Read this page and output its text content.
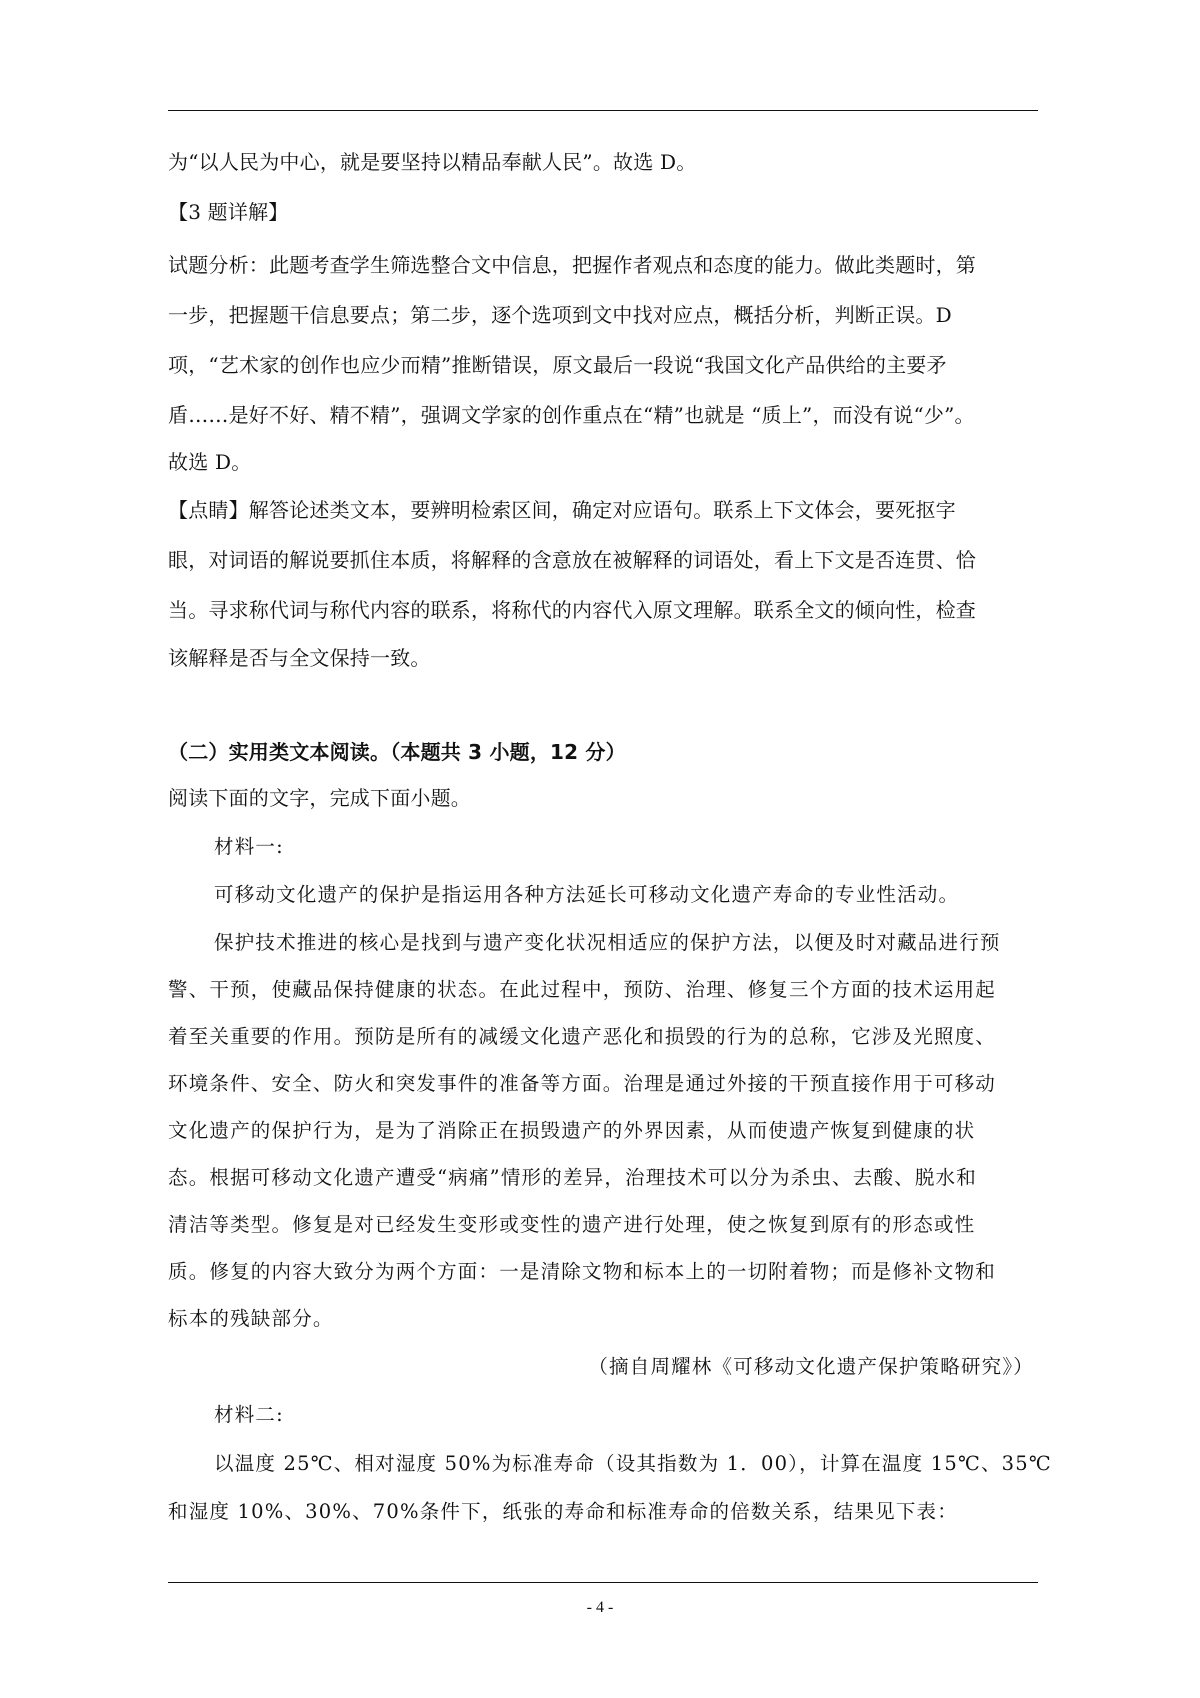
为“以人民为中心，就是要坚持以精品奉献人民”。故选 D。
【3 题详解】
试题分析：此题考查学生筛选整合文中信息，把握作者观点和态度的能力。做此类题时，第
一步，把握题干信息要点；第二步，逐个选项到文中找对应点，概括分析，判断正误。D
项，“艺术家的创作也应少而精”推断错误，原文最后一段说“我国文化产品供给的主要矛
盾……是好不好、精不精”，强调文学家的创作重点在“精”也就是 “质上”，而没有说“少”。
故选 D。
【点睛】解答论述类文本，要辨明检索区间，确定对应语句。联系上下文体会，要死抠字
眼，对词语的解说要抓住本质，将解释的含意放在被解释的词语处，看上下文是否连贯、恰
当。寻求称代词与称代内容的联系，将称代的内容代入原文理解。联系全文的倾向性，检查
该解释是否与全文保持一致。
（二）实用类文本阅读。（本题共 3 小题，12 分）
阅读下面的文字，完成下面小题。
材料一:
可移动文化遗产的保护是指运用各种方法延长可移动文化遗产寿命的专业性活动。
保护技术推进的核心是找到与遗产变化状况相适应的保护方法，以便及时对藏品进行预
警、干预，使藏品保持健康的状态。在此过程中，预防、治理、修复三个方面的技术运用起
着至关重要的作用。预防是所有的减缓文化遗产恶化和损毁的行为的总称，它涉及光照度、
环境条件、安全、防火和突发事件的准备等方面。治理是通过外接的干预直接作用于可移动
文化遗产的保护行为，是为了消除正在损毁遗产的外界因素，从而使遗产恢复到健康的状
态。根据可移动文化遗产遭受“病痛”情形的差异，治理技术可以分为杀虫、去酸、脱水和
清洁等类型。修复是对已经发生变形或变性的遗产进行处理，使之恢复到原有的形态或性
质。修复的内容大致分为两个方面：一是清除文物和标本上的一切附着物；而是修补文物和
标本的残缺部分。
（摘自周耀林《可移动文化遗产保护策略研究》）
材料二:
以温度 25℃、相对湿度 50%为标准寿命（设其指数为 1．00），计算在温度 15℃、35℃
和湿度 10%、30%、70%条件下，纸张的寿命和标准寿命的倍数关系，结果见下表：
- 4 -
